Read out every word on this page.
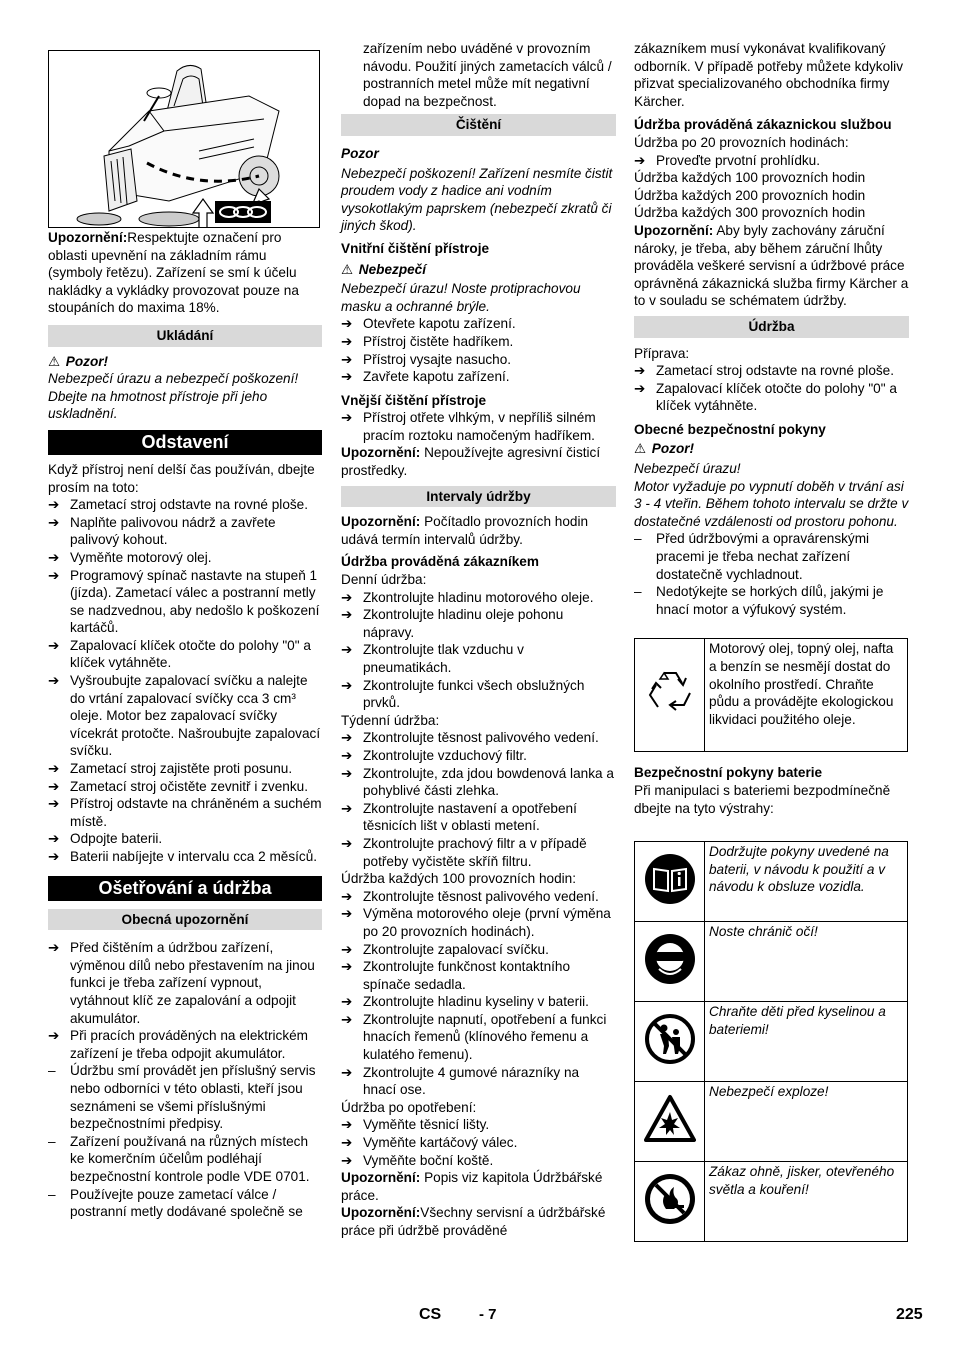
Upozornění:Respektujte označení pro oblasti upevnění na základním rámu (symboly řetězu). Zařízení se smí k účelu nakládky a vykládky provozovat pouze na stoupáních do maxima 18%.

Ukládání

⚠ Pozor!

Nebezpečí úrazu a nebezpečí poškození! Dbejte na hmotnost přístroje při jeho uskladnění.

Odstavení

Když přístroj není delší čas používán, dbejte prosím na toto:

➔ Zametací stroj odstavte na rovné ploše.
➔ Naplňte palivovou nádrž a zavřete palivový kohout.
➔ Vyměňte motorový olej.
➔ Programový spínač nastavte na stupeň 1 (jízda). Zametací válec a postranní metly se nadzvednou, aby nedošlo k poškození kartáčů.
➔ Zapalovací klíček otočte do polohy "0" a klíček vytáhněte.
➔ Vyšroubujte zapalovací svíčku a nalejte do vrtání zapalovací svíčky cca 3 cm³ oleje. Motor bez zapalovací svíčky vícekrát protočte. Našroubujte zapalovací svíčku.
➔ Zametací stroj zajistěte proti posunu.
➔ Zametací stroj očistěte zevnitř i zvenku.
➔ Přístroj odstavte na chráněném a suchém místě.
➔ Odpojte baterii.
➔ Baterii nabíjejte v intervalu cca 2 měsíců.
Ošetřování a údržba
Obecná upozornění
➔ Před čištěním a údržbou zařízení, výměnou dílů nebo přestavením na jinou funkci je třeba zařízení vypnout, vytáhnout klíč ze zapalování a odpojit akumulátor.
➔ Při pracích prováděných na elektrickém zařízení je třeba odpojit akumulátor.
–	Údržbu smí provádět jen příslušný servis nebo odborníci v této oblasti, kteří jsou seznámeni se všemi příslušnými bezpečnostními předpisy.
–	Zařízení používaná na různých místech ke komerčním účelům podléhají bezpečnostní kontrole podle VDE 0701.
–	Používejte pouze zametací válce / postranní metly dodávané společně se

zařízením nebo uváděné v provozním návodu. Použití jiných zametacích válců / postranních metel může mít negativní dopad na bezpečnost.

Čištění

Pozor

Nebezpečí poškození! Zařízení nesmíte čistit proudem vody z hadice ani vodním vysokotlakým paprskem (nebezpečí zkratů či jiných škod).

Vnitřní čištění přístroje

⚠ Nebezpečí

Nebezpečí úrazu! Noste protiprachovou masku a ochranné brýle.

➔ Otevřete kapotu zařízení.
➔ Přístroj čistěte hadříkem.
➔ Přístroj vysajte nasucho.
➔ Zavřete kapotu zařízení.

Vnější čištění přístroje

➔ Přístroj otřete vlhkým, v nepříliš silném pracím roztoku namočeným hadříkem.

Upozornění: Nepoužívejte agresivní čisticí prostředky.

Intervaly údržby

Upozornění: Počítadlo provozních hodin udává termín intervalů údržby.

Údržba prováděná zákazníkem

Denní údržba:

➔ Zkontrolujte hladinu motorového oleje.
➔ Zkontrolujte hladinu oleje pohonu nápravy.
➔ Zkontrolujte tlak vzduchu v pneumatikách.
➔ Zkontrolujte funkci všech obslužných prvků.

Týdenní údržba:

➔ Zkontrolujte těsnost palivového vedení.
➔ Zkontrolujte vzduchový filtr.
➔ Zkontrolujte, zda jdou bowdenová lanka a pohyblivé části zlehka.
➔ Zkontrolujte nastavení a opotřebení těsnicích lišt v oblasti metení.
➔ Zkontrolujte prachový filtr a v případě potřeby vyčistěte skříň filtru.

Údržba každých 100 provozních hodin:

➔ Zkontrolujte těsnost palivového vedení.
➔ Výměna motorového oleje (první výměna po 20 provozních hodinách).
➔ Zkontrolujte zapalovací svíčku.
➔ Zkontrolujte funkčnost kontaktního spínače sedadla.
➔ Zkontrolujte hladinu kyseliny v baterii.
➔ Zkontrolujte napnutí, opotřebení a funkci hnacích řemenů (klínového řemenu a kulatého řemenu).
➔ Zkontrolujte 4 gumové nárazníky na hnací ose.

Údržba po opotřebení:

➔ Vyměňte těsnicí lišty.
➔ Vyměňte kartáčový válec.
➔ Vyměňte boční koště.

Upozornění: Popis viz kapitola Údržbářské práce.

Upozornění:Všechny servisní a údržbářské práce při údržbě prováděné

zákazníkem musí vykonávat kvalifikovaný odborník. V případě potřeby můžete kdykoliv přizvat specializovaného obchodníka firmy Kärcher.

Údržba prováděná zákaznickou službou

Údržba po 20 provozních hodinách:

➔ Proveďte prvotní prohlídku.

Údržba každých 100 provozních hodin

Údržba každých 200 provozních hodin

Údržba každých 300 provozních hodin

Upozornění: Aby byly zachovány záruční nároky, je třeba, aby během záruční lhůty prováděla veškeré servisní a údržbové práce oprávněná zákaznická služba firmy Kärcher a to v souladu se schématem údržby.

Údržba

Příprava:

➔ Zametací stroj odstavte na rovné ploše.
➔ Zapalovací klíček otočte do polohy "0" a klíček vytáhněte.

Obecné bezpečnostní pokyny

⚠ Pozor!

Nebezpečí úrazu!

Motor vyžaduje po vypnutí doběh v trvání asi 3 - 4 vteřin. Během tohoto intervalu se držte v dostatečné vzdálenosti od prostoru pohonu.

–	Před údržbovými a opravárenskými pracemi je třeba nechat zařízení dostatečně vychladnout.
–	Nedotýkejte se horkých dílů, jakými je hnací motor a výfukový systém.
	Motorový olej, topný olej, nafta a benzín se nesmějí dostat do okolního prostředí. Chraňte půdu a provádějte ekologickou likvidaci použitého oleje.

Bezpečnostní pokyny baterie

Při manipulaci s bateriemi bezpodmínečně dbejte na tyto výstrahy:

	Dodržujte pokyny uvedené na baterii, v návodu k použití a v návodu k obsluze vozidla.
	Noste chránič očí!
	Chraňte děti před kyselinou a bateriemi!
	Nebezpečí exploze!
	Zákaz ohně, jisker, otevřeného světla a kouření!
CS	- 7	225
